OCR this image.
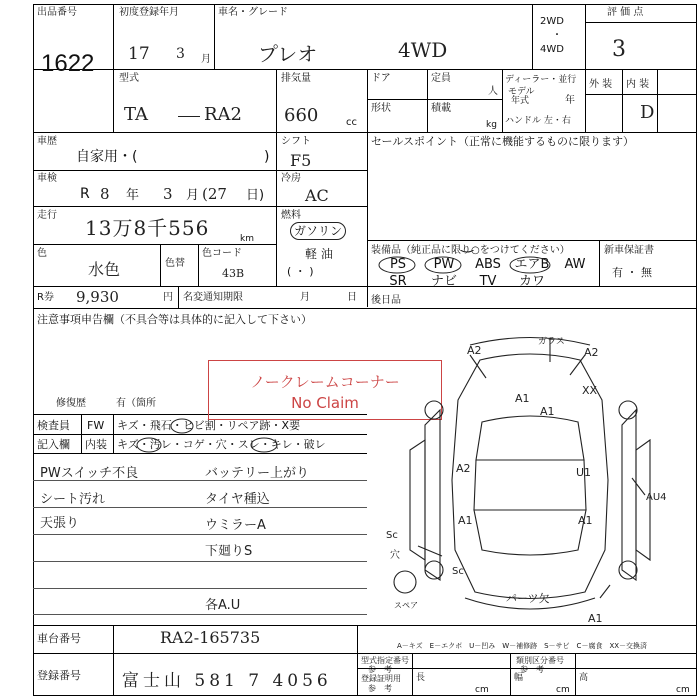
出品番号
1622
初度登録年月
17 3 月
車名・グレード
プレオ	4WD
2WD
・
4WD
評 価 点
3
型式
TA	RA2
排気量
660	cc
ドア	定員
人
形状	積載
kg
ディーラー・並行
モデル
年式	年
ハンドル 左・右
外 装 内 装
D
車歴
自家用・(	)
シフト
F5
車検
R 8 年 3 月 (27 日)
冷房
AC
走行
13万8千556	km
燃料
ガソリン
軽 油
( ・ )
色
水色	色替
色コード
43B
R券 9,930	円 名変通知期限	月	日
セールスポイント（正常に機能するものに限ります）
装備品（純正品に限り○をつけてください）
PS	PW	ABS	エアB	AW
SR	ナビ	TV	カワ
新車保証書
有 ・ 無
後日品
注意事項申告欄（不具合等は具体的に記入して下さい）
修復歴	有（箇所
検査員
記入欄
FW キズ・飛石・ヒビ割・リペア跡・X要
内装 キズ・汚レ・コゲ・穴・スレ・キレ・破レ
PWスイッチ不良
シート汚れ
天張り
バッテリー上がり
タイヤ種込
ウミラーA
下廻りS
各A.U
ノークレームコーナー
No Claim
A2
ガラス
A2
XX
A1
A1
A2	U1
AU4
A1	A1
Sc
穴
Sc
パーツ欠
A1
スペア
A－キズ　E－エクボ　U－凹み　W－補修跡　S－サビ　C－腐食　XX－交換済
車台番号	RA2-165735
登録番号 富士山 581 7 4056
型式指定番号
参　考
類別区分番号
参　考
登録証明用
参　考
長
cm
幅
cm
高
cm
